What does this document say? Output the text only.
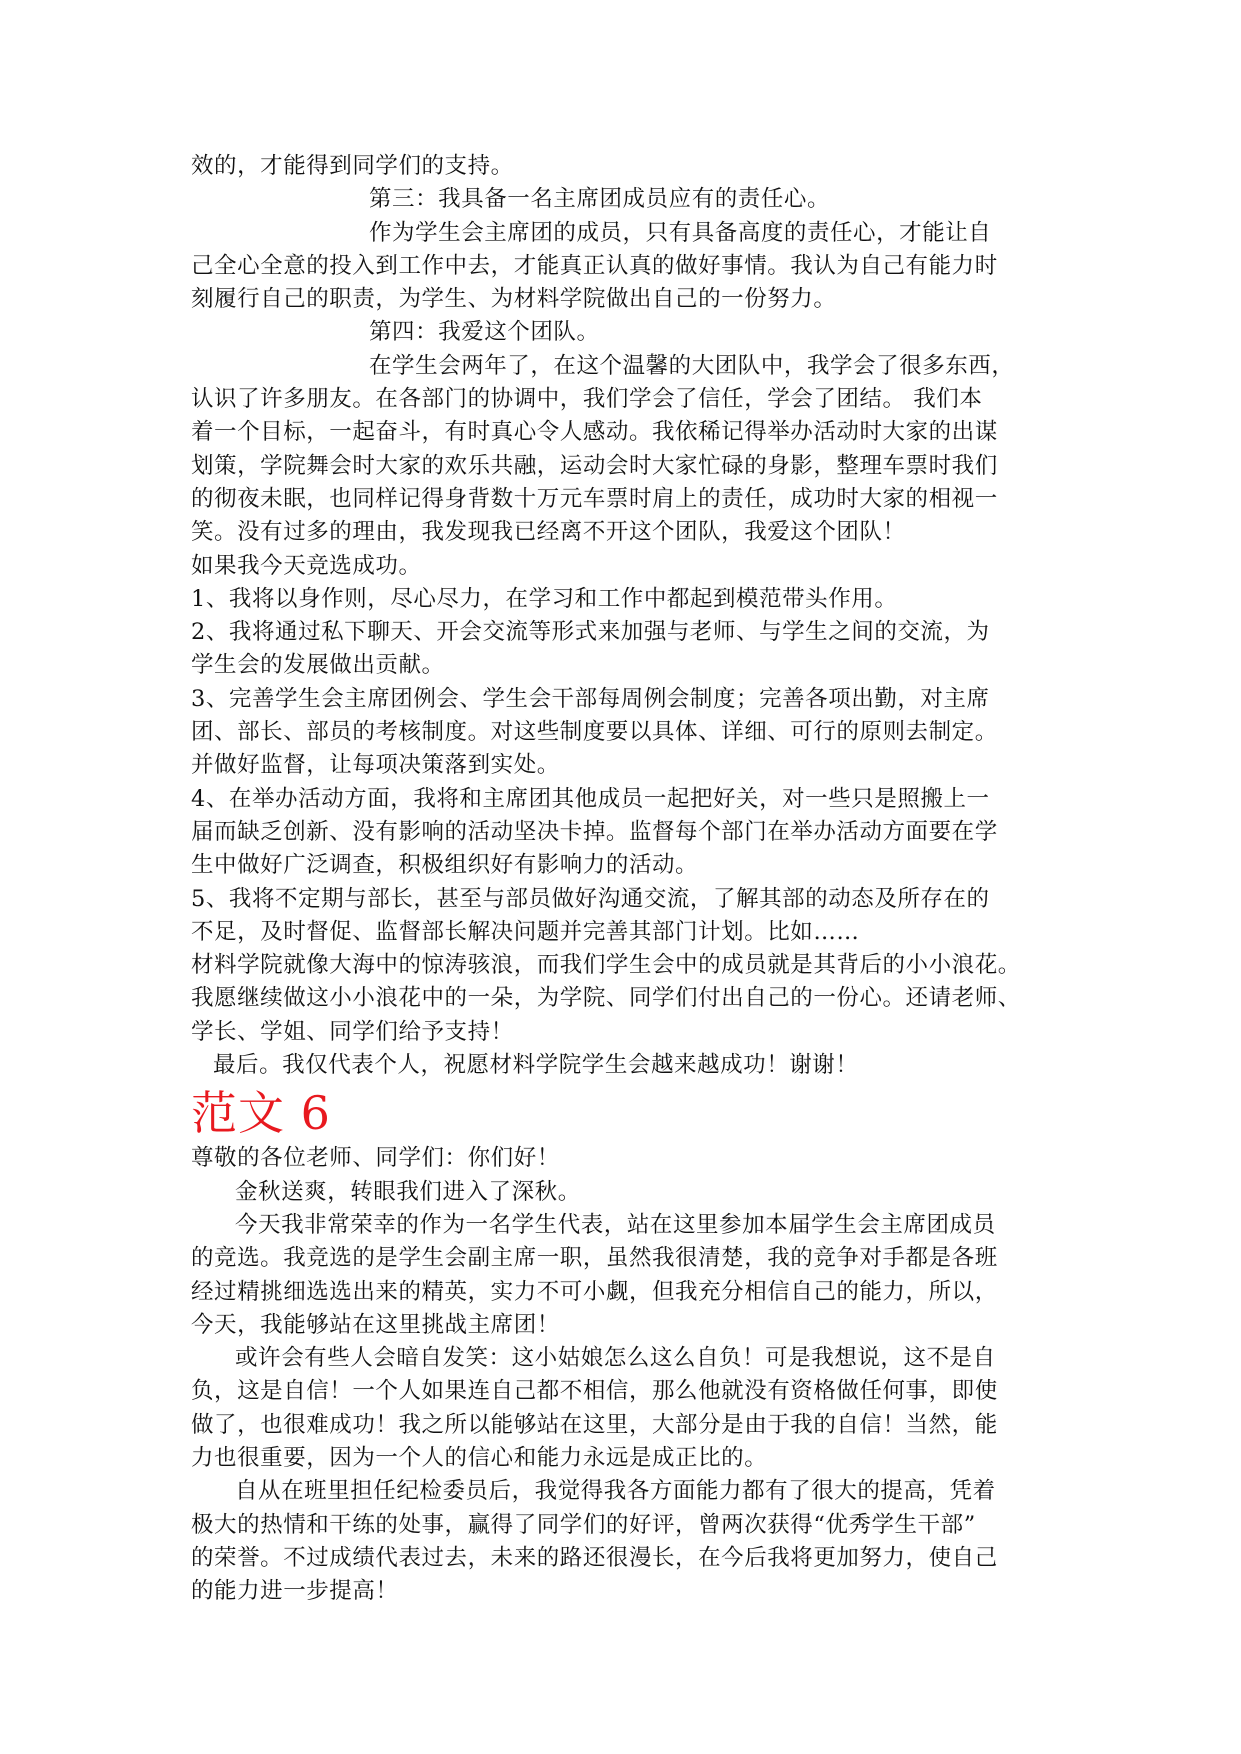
效的，才能得到同学们的支持。
第三：我具备一名主席团成员应有的责任心。
作为学生会主席团的成员，只有具备高度的责任心，才能让自
己全心全意的投入到工作中去，才能真正认真的做好事情。我认为自己有能力时
刻履行自己的职责，为学生、为材料学院做出自己的一份努力。
第四：我爱这个团队。
在学生会两年了，在这个温馨的大团队中，我学会了很多东西，
认识了许多朋友。在各部门的协调中，我们学会了信任，学会了团结。 我们本
着一个目标，一起奋斗，有时真心令人感动。我依稀记得举办活动时大家的出谋
划策，学院舞会时大家的欢乐共融，运动会时大家忙碌的身影，整理车票时我们
的彻夜未眠，也同样记得身背数十万元车票时肩上的责任，成功时大家的相视一
笑。没有过多的理由，我发现我已经离不开这个团队，我爱这个团队！
如果我今天竞选成功。
1、我将以身作则，尽心尽力，在学习和工作中都起到模范带头作用。
2、我将通过私下聊天、开会交流等形式来加强与老师、与学生之间的交流，为
学生会的发展做出贡献。
3、完善学生会主席团例会、学生会干部每周例会制度；完善各项出勤，对主席
团、部长、部员的考核制度。对这些制度要以具体、详细、可行的原则去制定。
并做好监督，让每项决策落到实处。
4、在举办活动方面，我将和主席团其他成员一起把好关，对一些只是照搬上一
届而缺乏创新、没有影响的活动坚决卡掉。监督每个部门在举办活动方面要在学
生中做好广泛调查，积极组织好有影响力的活动。
5、我将不定期与部长，甚至与部员做好沟通交流，了解其部的动态及所存在的
不足，及时督促、监督部长解决问题并完善其部门计划。比如……
材料学院就像大海中的惊涛骇浪，而我们学生会中的成员就是其背后的小小浪花。
我愿继续做这小小浪花中的一朵，为学院、同学们付出自己的一份心。还请老师、
学长、学姐、同学们给予支持！
最后。我仅代表个人，祝愿材料学院学生会越来越成功！谢谢！
范文 6
尊敬的各位老师、同学们：你们好！
金秋送爽，转眼我们进入了深秋。
今天我非常荣幸的作为一名学生代表，站在这里参加本届学生会主席团成员
的竞选。我竞选的是学生会副主席一职，虽然我很清楚，我的竞争对手都是各班
经过精挑细选选出来的精英，实力不可小觑，但我充分相信自己的能力，所以，
今天，我能够站在这里挑战主席团！
或许会有些人会暗自发笑：这小姑娘怎么这么自负！可是我想说，这不是自
负，这是自信！一个人如果连自己都不相信，那么他就没有资格做任何事，即使
做了，也很难成功！我之所以能够站在这里，大部分是由于我的自信！当然，能
力也很重要，因为一个人的信心和能力永远是成正比的。
自从在班里担任纪检委员后，我觉得我各方面能力都有了很大的提高，凭着
极大的热情和干练的处事，赢得了同学们的好评，曾两次获得“优秀学生干部”
的荣誉。不过成绩代表过去，未来的路还很漫长，在今后我将更加努力，使自己
的能力进一步提高！
